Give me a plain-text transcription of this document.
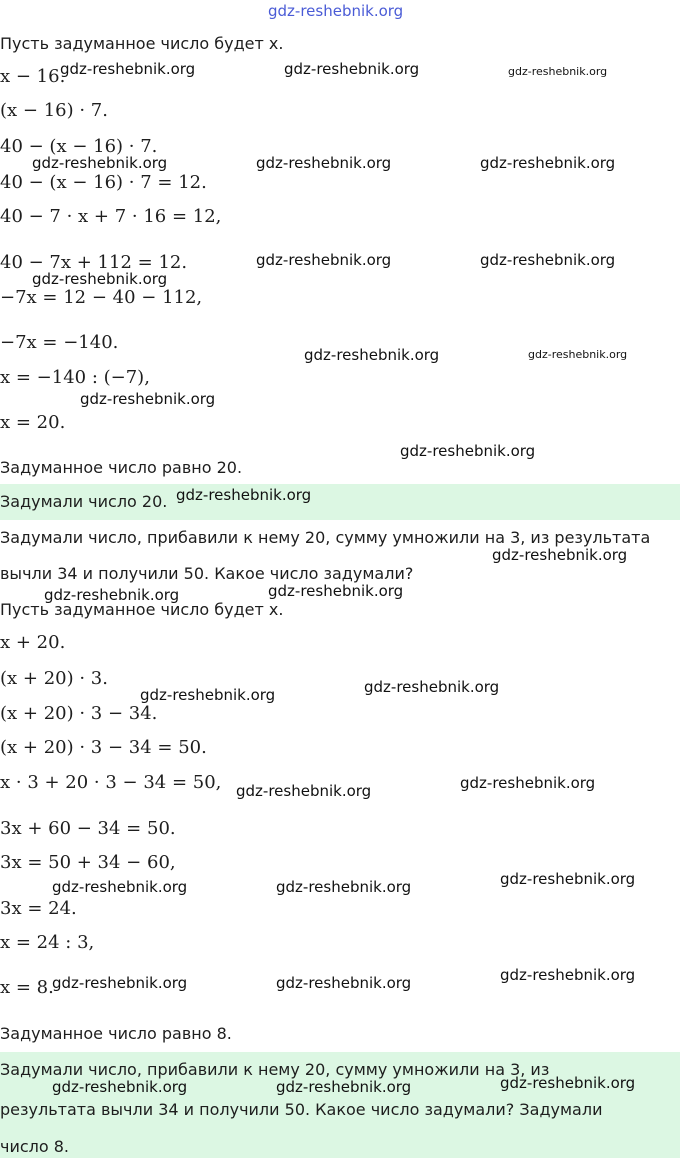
Пусть задуманное число будет x.
x − 16.
(x − 16) · 7.
40 − (x − 16) · 7.
40 − (x − 16) · 7 = 12.
40 − 7 · x + 7 · 16 = 12,
40 − 7x + 112 = 12.
−7x = 12 − 40 − 112,
−7x = −140.
x = −140 : (−7),
x = 20.
Задуманное число равно 20.
Задумали число 20.
Задумали число, прибавили к нему 20, сумму умножили на 3, из результата
вычли 34 и получили 50. Какое число задумали?
Пусть задуманное число будет x.
x + 20.
(x + 20) · 3.
(x + 20) · 3 − 34.
(x + 20) · 3 − 34 = 50.
x · 3 + 20 · 3 − 34 = 50,
3x + 60 − 34 = 50.
3x = 50 + 34 − 60,
3x = 24.
x = 24 : 3,
x = 8.
Задуманное число равно 8.
Задумали число, прибавили к нему 20, сумму умножили на 3, из
результата вычли 34 и получили 50. Какое число задумали? Задумали
число 8.
gdz-reshebnik.org
gdz-reshebnik.org	gdz-reshebnik.org	gdz-reshebnik.org
gdz-reshebnik.org	gdz-reshebnik.org	gdz-reshebnik.org
gdz-reshebnik.org	gdz-reshebnik.org
gdz-reshebnik.org
gdz-reshebnik.org	gdz-reshebnik.org
gdz-reshebnik.org
gdz-reshebnik.org
gdz-reshebnik.org
gdz-reshebnik.org
gdz-reshebnik.org	gdz-reshebnik.org
gdz-reshebnik.org
gdz-reshebnik.org
gdz-reshebnik.org
gdz-reshebnik.org
gdz-reshebnik.org
gdz-reshebnik.org	gdz-reshebnik.org
gdz-reshebnik.org
gdz-reshebnik.org	gdz-reshebnik.org
gdz-reshebnik.org
gdz-reshebnik.org	gdz-reshebnik.org
